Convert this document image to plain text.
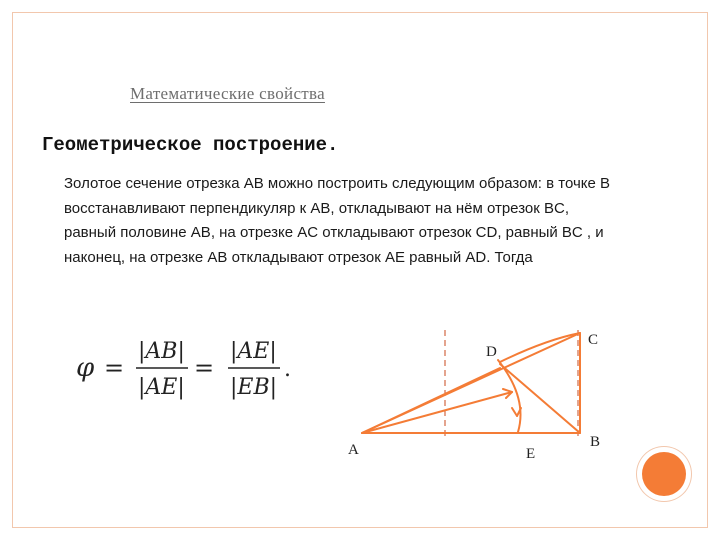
Математические свойства
Геометрическое построение.
Золотое сечение отрезка AB можно построить следующим образом: в точке B восстанавливают перпендикуляр к AB, откладывают на нём отрезок BC, равный половине AB, на отрезке AC откладывают отрезок CD, равный BC , и наконец, на отрезке AB откладывают отрезок AE равный AD. Тогда
φ =
|AB|
|AE|
=
|AE|
|EB|
.
A	B
C
D
E
